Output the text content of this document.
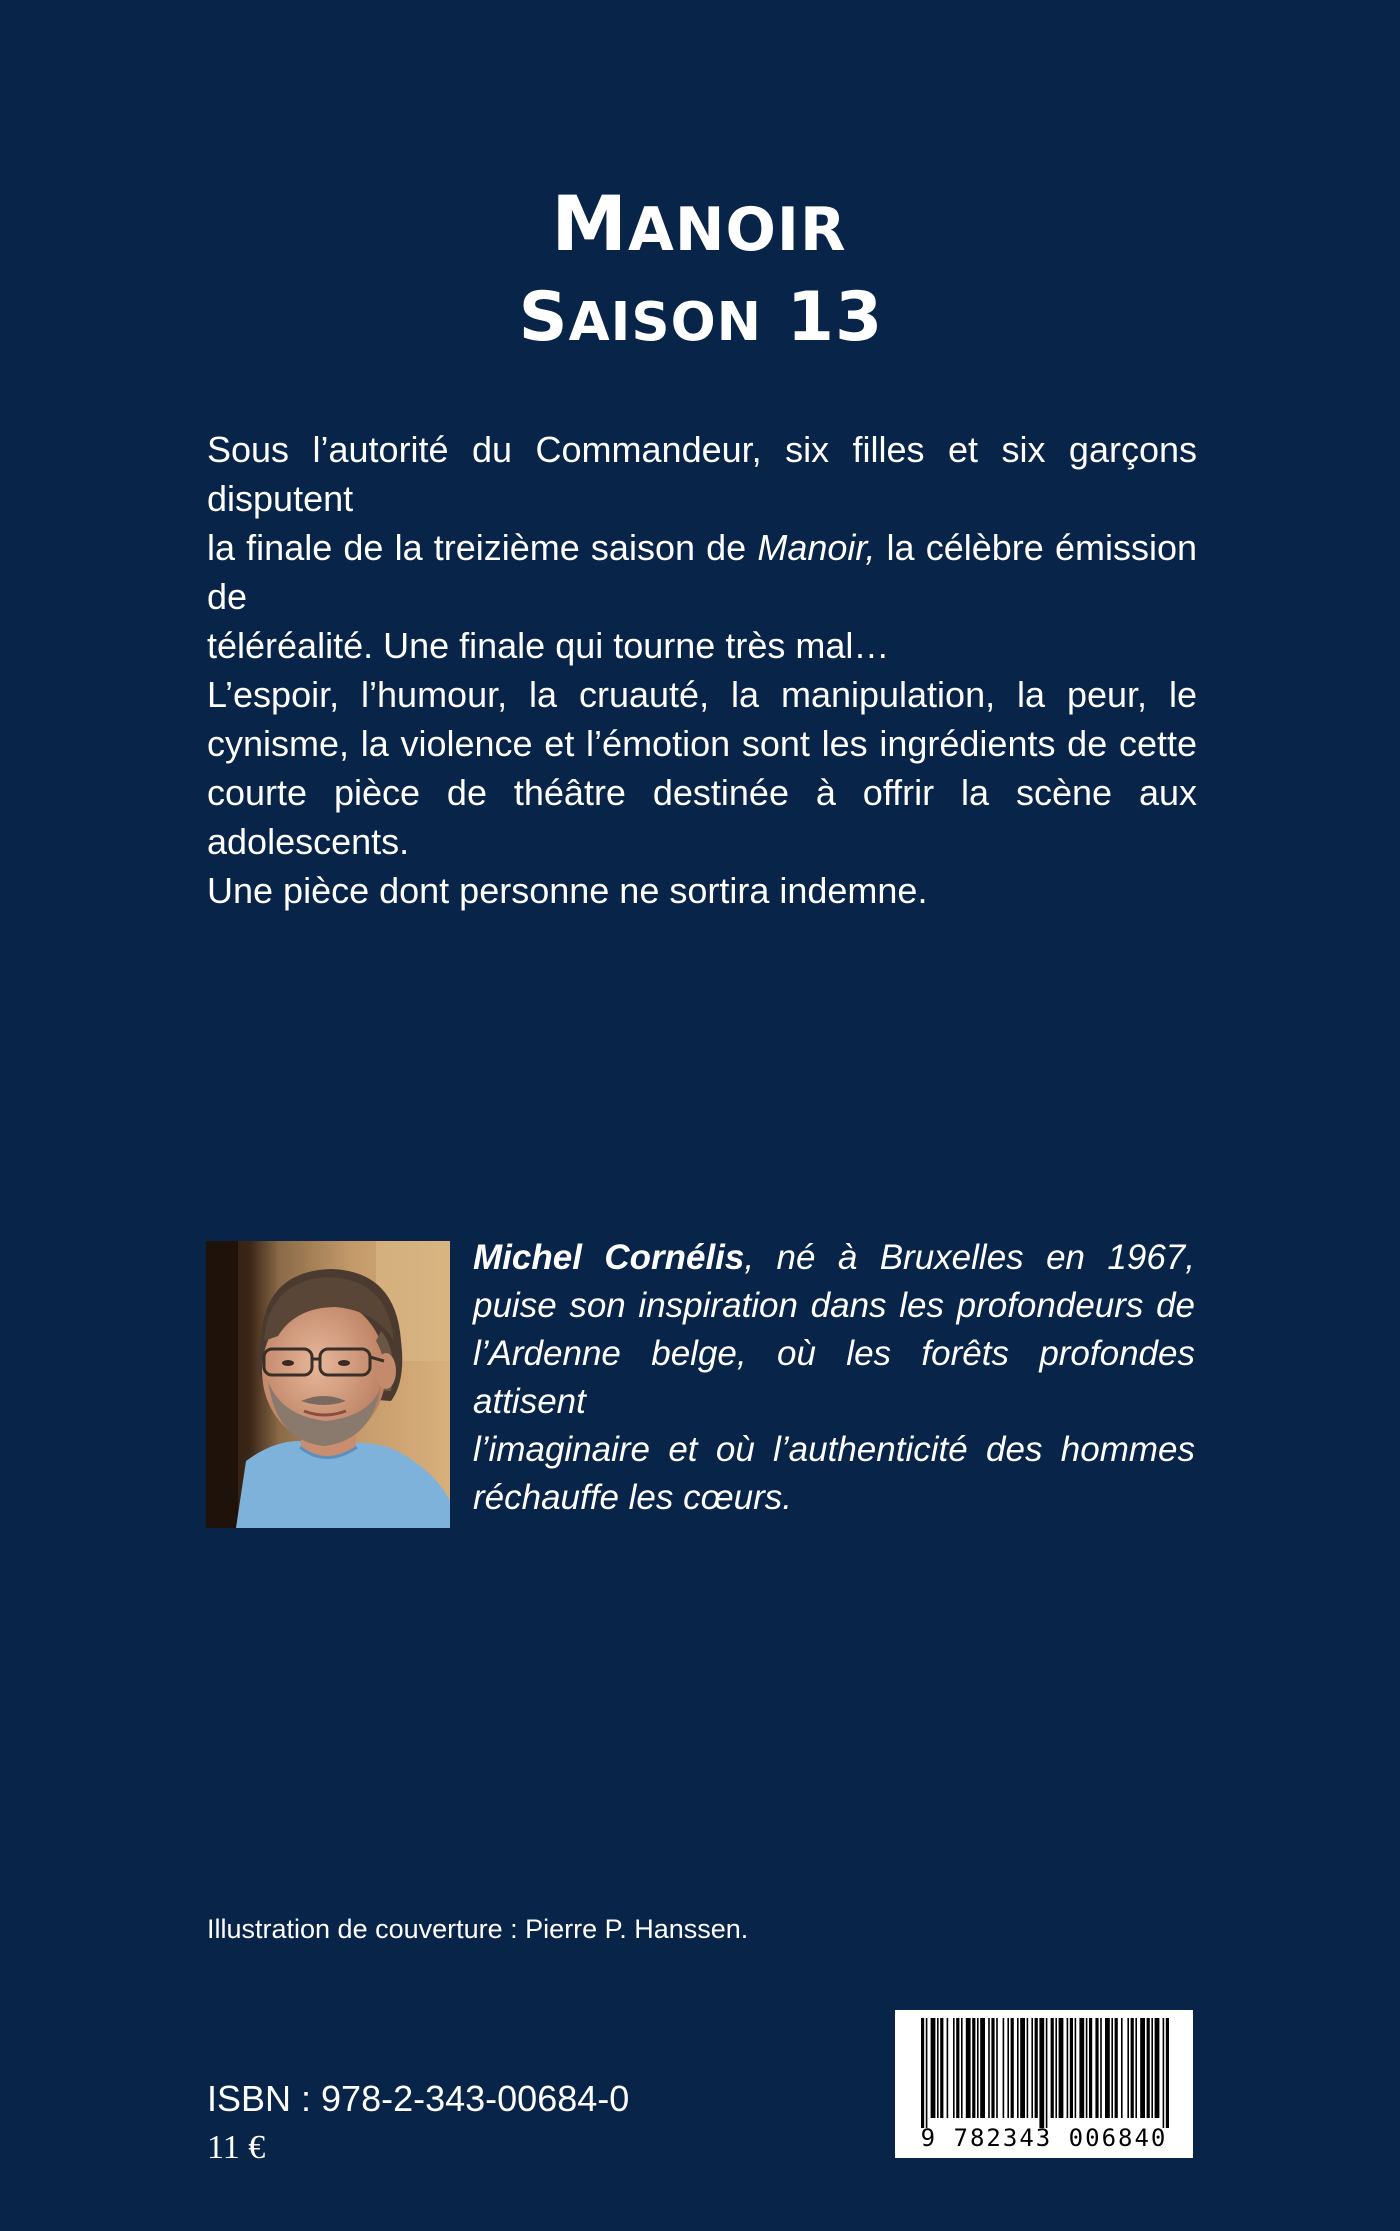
MANOIR
SAISON 13

Sous l’autorité du Commandeur, six filles et six garçons disputent
la finale de la treizième saison de Manoir, la célèbre émission de
téléréalité. Une finale qui tourne très mal…

L’espoir, l’humour, la cruauté, la manipulation, la peur, le cynisme, la violence et l’émotion sont les ingrédients de cette courte pièce de théâtre destinée à offrir la scène aux adolescents.

Une pièce dont personne ne sortira indemne.

Michel Cornélis, né à Bruxelles en 1967,
puise son inspiration dans les profondeurs de
l’Ardenne belge, où les forêts profondes attisent
l’imaginaire et où l’authenticité des hommes
réchauffe les cœurs.
Illustration de couverture : Pierre P. Hanssen.
ISBN : 978-2-343-00684-0
11 €	9 782343 006840
